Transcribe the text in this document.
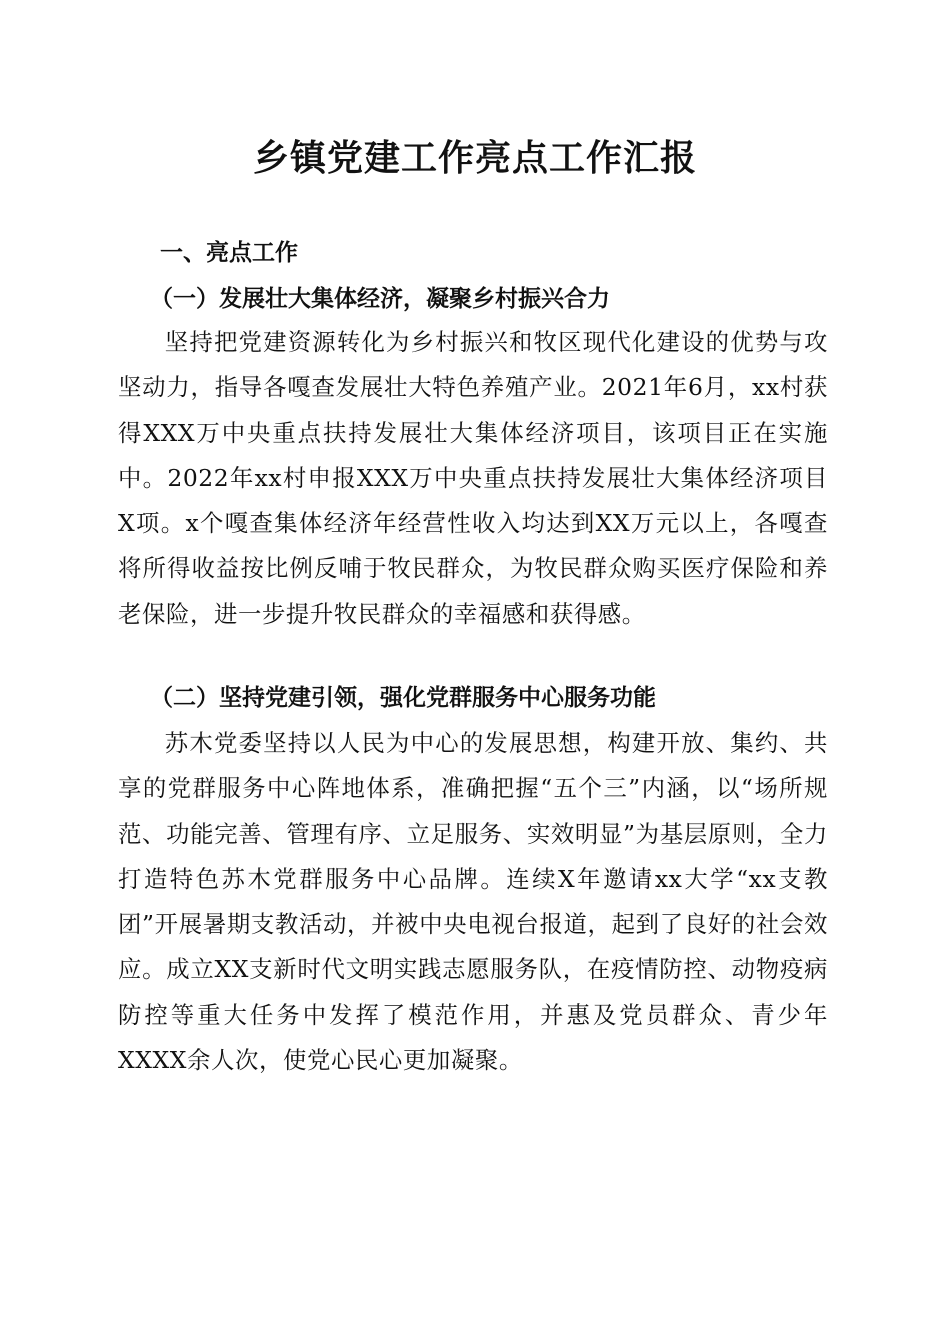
乡镇党建工作亮点工作汇报
一、亮点工作
（一）发展壮大集体经济，凝聚乡村振兴合力

坚持把党建资源转化为乡村振兴和牧区现代化建设的优势与攻坚动力，指导各嘎查发展壮大特色养殖产业。2021年6月，xx村获得XXX万中央重点扶持发展壮大集体经济项目，该项目正在实施中。2022年xx村申报XXX万中央重点扶持发展壮大集体经济项目X项。x个嘎查集体经济年经营性收入均达到XX万元以上，各嘎查将所得收益按比例反哺于牧民群众，为牧民群众购买医疗保险和养老保险，进一步提升牧民群众的幸福感和获得感。

（二）坚持党建引领，强化党群服务中心服务功能

苏木党委坚持以人民为中心的发展思想，构建开放、集约、共享的党群服务中心阵地体系，准确把握“五个三”内涵，以“场所规范、功能完善、管理有序、立足服务、实效明显”为基层原则，全力打造特色苏木党群服务中心品牌。连续X年邀请xx大学“xx支教团”开展暑期支教活动，并被中央电视台报道，起到了良好的社会效应。成立XX支新时代文明实践志愿服务队，在疫情防控、动物疫病防控等重大任务中发挥了模范作用，并惠及党员群众、青少年XXXX余人次，使党心民心更加凝聚。
